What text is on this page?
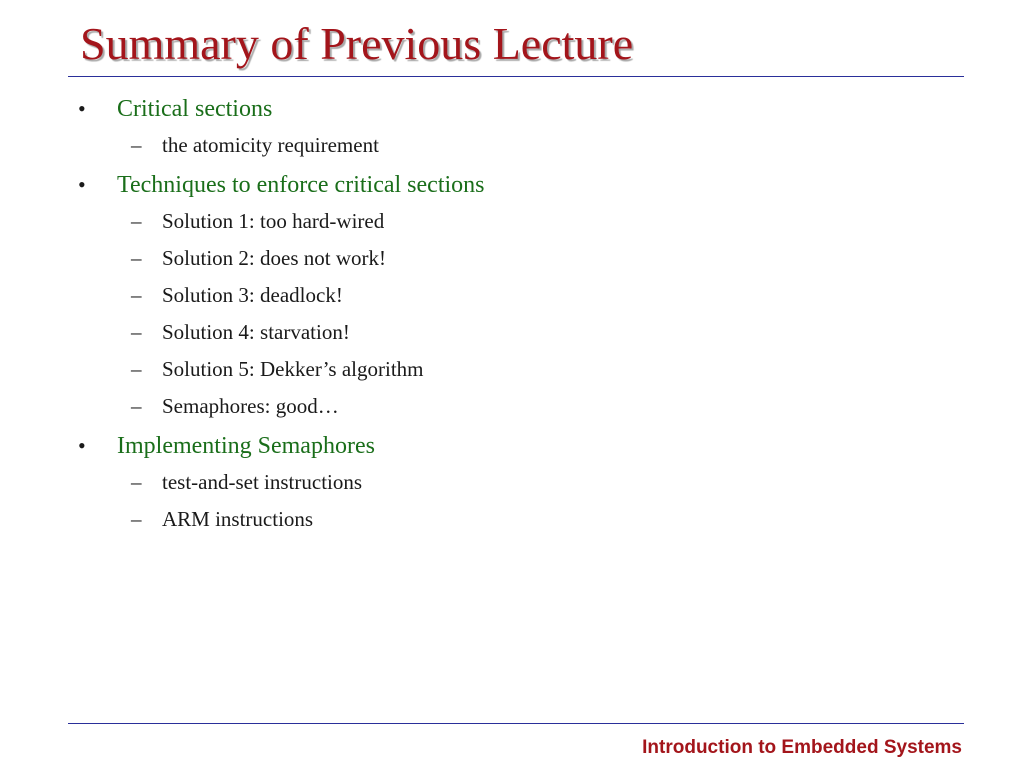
Summary of Previous Lecture
• Critical sections
– the atomicity requirement
• Techniques to enforce critical sections
– Solution 1: too hard-wired
– Solution 2: does not work!
– Solution 3: deadlock!
– Solution 4: starvation!
– Solution 5: Dekker’s algorithm
– Semaphores: good…
• Implementing Semaphores
– test-and-set instructions
– ARM instructions
Introduction to Embedded Systems
